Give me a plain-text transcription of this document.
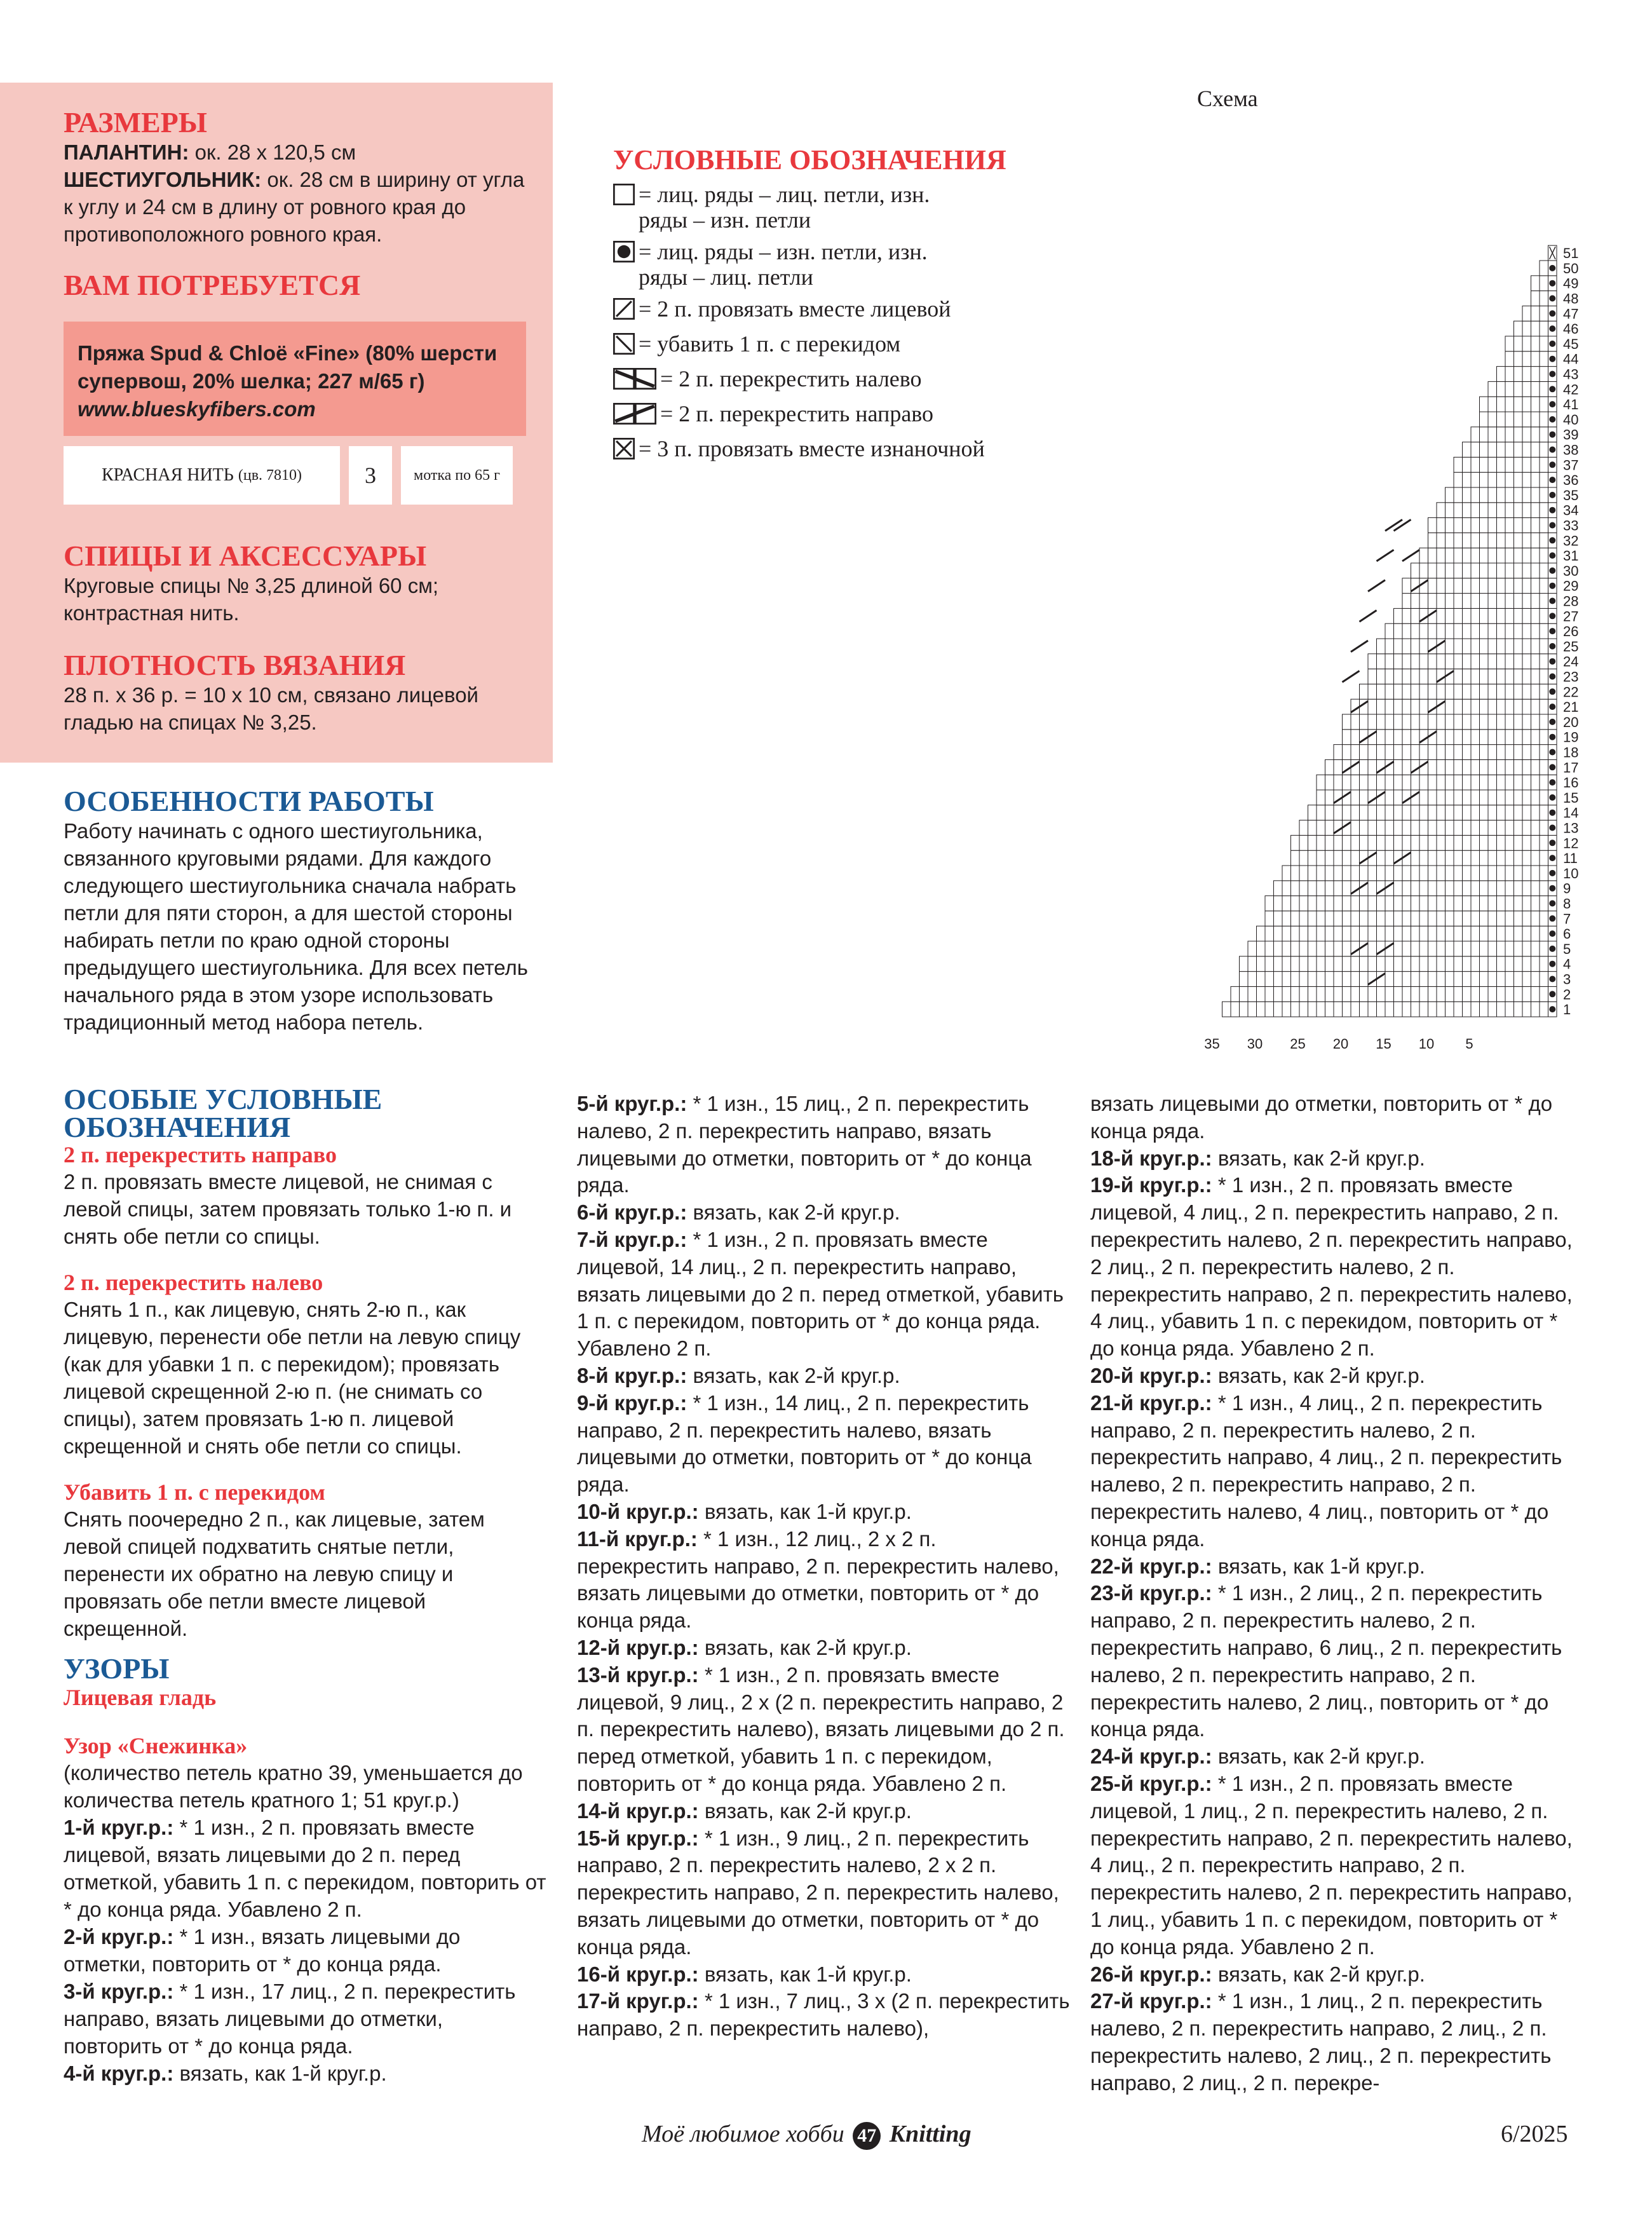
РАЗМЕРЫ
ПАЛАНТИН: ок. 28 х 120,5 см
ШЕСТИУГОЛЬНИК: ок. 28 см в ширину от угла к углу и 24 см в длину от ровного края до противоположного ровного края.
ВАМ ПОТРЕБУЕТСЯ
Пряжа Spud & Chloë «Fine» (80% шерсти супервош, 20% шелка; 227 м/65 г)
www.blueskyfibers.com
КРАСНАЯ НИТЬ
(цв. 7810)	3	мотка по 65 г
СПИЦЫ И АКСЕССУАРЫ
Круговые спицы № 3,25 длиной 60 см; контрастная нить.
ПЛОТНОСТЬ ВЯЗАНИЯ
28 п. х 36 р. = 10 х 10 см, связано лицевой гладью на спицах № 3,25.
ОСОБЕННОСТИ РАБОТЫ
Работу начинать с одного шестиугольника, связанного круговыми рядами. Для каждого следующего шестиугольника сначала набрать петли для пяти сторон, а для шестой стороны набирать петли по краю одной стороны предыдущего шестиугольника. Для всех петель начального ряда в этом узоре использовать традиционный метод набора петель.
ОСОБЫЕ УСЛОВНЫЕ
ОБОЗНАЧЕНИЯ
2 п. перекрестить направо
2 п. провязать вместе лицевой, не снимая с левой спицы, затем провязать только 1-ю п. и снять обе петли со спицы.
2 п. перекрестить налево
Снять 1 п., как лицевую, снять 2-ю п., как лицевую, перенести обе петли на левую спицу (как для убавки 1 п. с перекидом); провязать лицевой скрещенной 2-ю п. (не снимать со спицы), затем провязать 1-ю п. лицевой скрещенной и снять обе петли со спицы.
Убавить 1 п. с перекидом
Снять поочередно 2 п., как лицевые, затем левой спицей подхватить снятые петли, перенести их обратно на левую спицу и провязать обе петли вместе лицевой скрещенной.
УЗОРЫ
Лицевая гладь
Узор «Снежинка»
(количество петель кратно 39, уменьшается до количества петель кратного 1; 51 круг.р.)
1-й круг.р.: * 1 изн., 2 п. провязать вместе лицевой, вязать лицевыми до 2 п. перед отметкой, убавить 1 п. с перекидом, повторить от * до конца ряда. Убавлено 2 п.
2-й круг.р.: * 1 изн., вязать лицевыми до отметки, повторить от * до конца ряда.
3-й круг.р.: * 1 изн., 17 лиц., 2 п. перекрестить направо, вязать лицевыми до отметки, повторить от * до конца ряда.
4-й круг.р.: вязать, как 1-й круг.р.
УСЛОВНЫЕ ОБОЗНАЧЕНИЯ
= лиц. ряды – лиц. петли, изн. ряды – изн. петли
= лиц. ряды – изн. петли, изн. ряды – лиц. петли
= 2 п. провязать вместе лицевой
= убавить 1 п. с перекидом
= 2 п. перекрестить налево
= 2 п. перекрестить направо
= 3 п. провязать вместе изнаночной
Схема
1
2
3
4
5
6
7
8
9
10
11
12
13
14
15
16
17
18
19
20
21
22
23
24
25
26
27
28
29
30
31
32
33
34
35
36
37
38
39
40
41
42
43
44
45
46
47
48
49
50
51
35 30 25 20 15 10 5
5-й круг.р.: * 1 изн., 15 лиц., 2 п. перекрестить налево, 2 п. перекрестить направо, вязать лицевыми до отметки, повторить от * до конца ряда.
6-й круг.р.: вязать, как 2-й круг.р.
7-й круг.р.: * 1 изн., 2 п. провязать вместе лицевой, 14 лиц., 2 п. перекрестить направо, вязать лицевыми до 2 п. перед отметкой, убавить 1 п. с перекидом, повторить от * до конца ряда. Убавлено 2 п.
8-й круг.р.: вязать, как 2-й круг.р.
9-й круг.р.: * 1 изн., 14 лиц., 2 п. перекрестить направо, 2 п. перекрестить налево, вязать лицевыми до отметки, повторить от * до конца ряда.
10-й круг.р.: вязать, как 1-й круг.р.
11-й круг.р.: * 1 изн., 12 лиц., 2 х 2 п. перекрестить направо, 2 п. перекрестить налево, вязать лицевыми до отметки, повторить от * до конца ряда.
12-й круг.р.: вязать, как 2-й круг.р.
13-й круг.р.: * 1 изн., 2 п. провязать вместе лицевой, 9 лиц., 2 х (2 п. перекрестить направо, 2 п. перекрестить налево), вязать лицевыми до 2 п. перед отметкой, убавить 1 п. с перекидом, повторить от * до конца ряда. Убавлено 2 п.
14-й круг.р.: вязать, как 2-й круг.р.
15-й круг.р.: * 1 изн., 9 лиц., 2 п. перекрестить направо, 2 п. перекрестить налево, 2 х 2 п. перекрестить направо, 2 п. перекрестить налево, вязать лицевыми до отметки, повторить от * до конца ряда.
16-й круг.р.: вязать, как 1-й круг.р.
17-й круг.р.: * 1 изн., 7 лиц., 3 х (2 п. перекрестить направо, 2 п. перекрестить налево),
вязать лицевыми до отметки, повторить от * до конца ряда.
18-й круг.р.: вязать, как 2-й круг.р.
19-й круг.р.: * 1 изн., 2 п. провязать вместе лицевой, 4 лиц., 2 п. перекрестить направо, 2 п. перекрестить налево, 2 п. перекрестить направо, 2 лиц., 2 п. перекрестить налево, 2 п. перекрестить направо, 2 п. перекрестить налево, 4 лиц., убавить 1 п. с перекидом, повторить от * до конца ряда. Убавлено 2 п.
20-й круг.р.: вязать, как 2-й круг.р.
21-й круг.р.: * 1 изн., 4 лиц., 2 п. перекрестить направо, 2 п. перекрестить налево, 2 п. перекрестить направо, 4 лиц., 2 п. перекрестить налево, 2 п. перекрестить направо, 2 п. перекрестить налево, 4 лиц., повторить от * до конца ряда.
22-й круг.р.: вязать, как 1-й круг.р.
23-й круг.р.: * 1 изн., 2 лиц., 2 п. перекрестить направо, 2 п. перекрестить налево, 2 п. перекрестить направо, 6 лиц., 2 п. перекрестить налево, 2 п. перекрестить направо, 2 п. перекрестить налево, 2 лиц., повторить от * до конца ряда.
24-й круг.р.: вязать, как 2-й круг.р.
25-й круг.р.: * 1 изн., 2 п. провязать вместе лицевой, 1 лиц., 2 п. перекрестить налево, 2 п. перекрестить направо, 2 п. перекрестить налево, 4 лиц., 2 п. перекрестить направо, 2 п. перекрестить налево, 2 п. перекрестить направо, 1 лиц., убавить 1 п. с перекидом, повторить от * до конца ряда. Убавлено 2 п.
26-й круг.р.: вязать, как 2-й круг.р.
27-й круг.р.: * 1 изн., 1 лиц., 2 п. перекрестить налево, 2 п. перекрестить направо, 2 лиц., 2 п. перекрестить налево, 2 лиц., 2 п. перекрестить направо, 2 лиц., 2 п. перекре-
Моё любимое хобби 47 Knitting	6/2025
